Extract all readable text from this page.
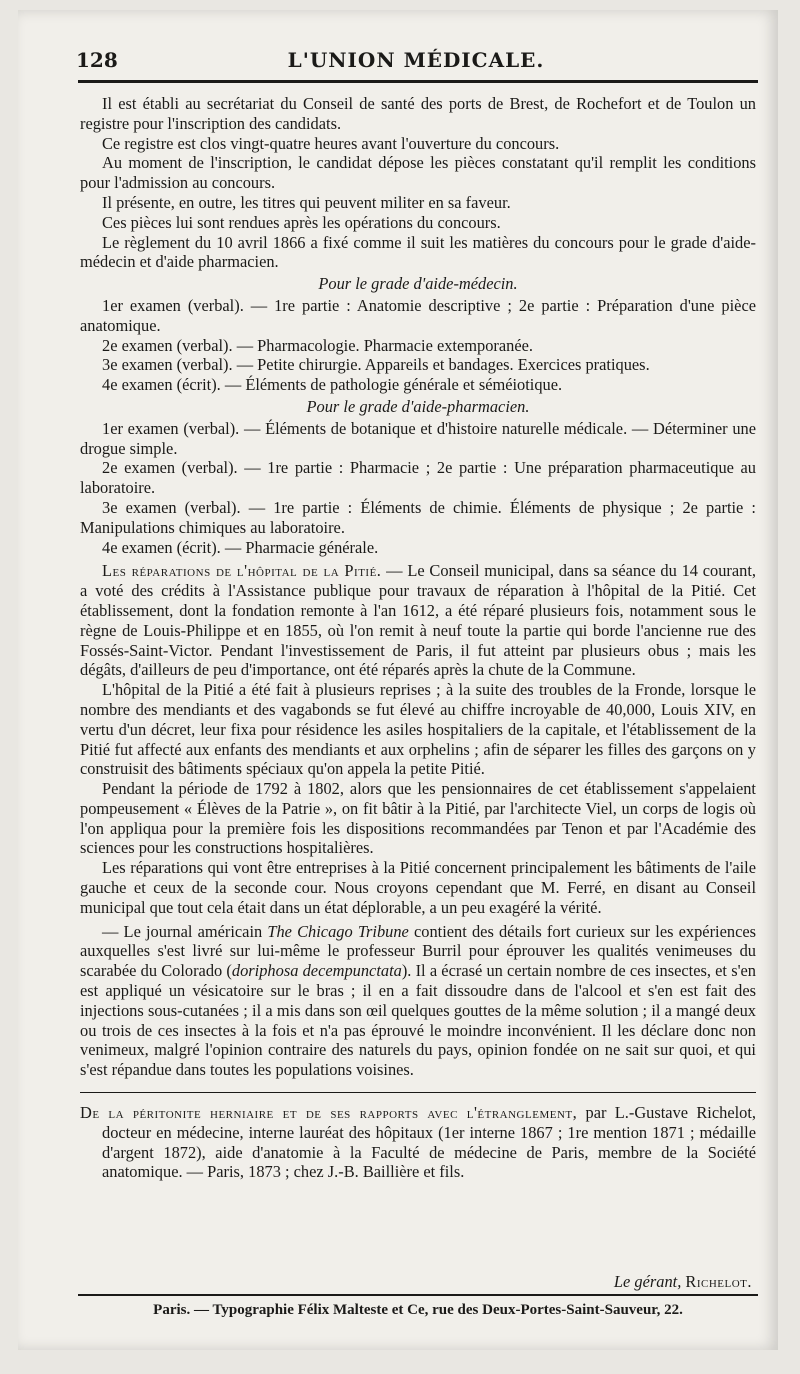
128	L'UNION MÉDICALE.

Il est établi au secrétariat du Conseil de santé des ports de Brest, de Rochefort et de Toulon un registre pour l'inscription des candidats.

Ce registre est clos vingt-quatre heures avant l'ouverture du concours.

Au moment de l'inscription, le candidat dépose les pièces constatant qu'il remplit les conditions pour l'admission au concours.

Il présente, en outre, les titres qui peuvent militer en sa faveur.

Ces pièces lui sont rendues après les opérations du concours.

Le règlement du 10 avril 1866 a fixé comme il suit les matières du concours pour le grade d'aide-médecin et d'aide pharmacien.

Pour le grade d'aide-médecin.

1er examen (verbal). — 1re partie : Anatomie descriptive ; 2e partie : Préparation d'une pièce anatomique.

2e examen (verbal). — Pharmacologie. Pharmacie extemporanée.

3e examen (verbal). — Petite chirurgie. Appareils et bandages. Exercices pratiques.

4e examen (écrit). — Éléments de pathologie générale et séméiotique.

Pour le grade d'aide-pharmacien.

1er examen (verbal). — Éléments de botanique et d'histoire naturelle médicale. — Déterminer une drogue simple.

2e examen (verbal). — 1re partie : Pharmacie ; 2e partie : Une préparation pharmaceutique au laboratoire.

3e examen (verbal). — 1re partie : Éléments de chimie. Éléments de physique ; 2e partie : Manipulations chimiques au laboratoire.

4e examen (écrit). — Pharmacie générale.

Les réparations de l'hôpital de la Pitié. — Le Conseil municipal, dans sa séance du 14 courant, a voté des crédits à l'Assistance publique pour travaux de réparation à l'hôpital de la Pitié. Cet établissement, dont la fondation remonte à l'an 1612, a été réparé plusieurs fois, notamment sous le règne de Louis-Philippe et en 1855, où l'on remit à neuf toute la partie qui borde l'ancienne rue des Fossés-Saint-Victor. Pendant l'investissement de Paris, il fut atteint par plusieurs obus ; mais les dégâts, d'ailleurs de peu d'importance, ont été réparés après la chute de la Commune.

L'hôpital de la Pitié a été fait à plusieurs reprises ; à la suite des troubles de la Fronde, lorsque le nombre des mendiants et des vagabonds se fut élevé au chiffre incroyable de 40,000, Louis XIV, en vertu d'un décret, leur fixa pour résidence les asiles hospitaliers de la capitale, et l'établissement de la Pitié fut affecté aux enfants des mendiants et aux orphelins ; afin de séparer les filles des garçons on y construisit des bâtiments spéciaux qu'on appela la petite Pitié.

Pendant la période de 1792 à 1802, alors que les pensionnaires de cet établissement s'appelaient pompeusement « Élèves de la Patrie », on fit bâtir à la Pitié, par l'architecte Viel, un corps de logis où l'on appliqua pour la première fois les dispositions recommandées par Tenon et par l'Académie des sciences pour les constructions hospitalières.

Les réparations qui vont être entreprises à la Pitié concernent principalement les bâtiments de l'aile gauche et ceux de la seconde cour. Nous croyons cependant que M. Ferré, en disant au Conseil municipal que tout cela était dans un état déplorable, a un peu exagéré la vérité.

— Le journal américain The Chicago Tribune contient des détails fort curieux sur les expériences auxquelles s'est livré sur lui-même le professeur Burril pour éprouver les qualités venimeuses du scarabée du Colorado (doriphosa decempunctata). Il a écrasé un certain nombre de ces insectes, et s'en est appliqué un vésicatoire sur le bras ; il en a fait dissoudre dans de l'alcool et s'en est fait des injections sous-cutanées ; il a mis dans son œil quelques gouttes de la même solution ; il a mangé deux ou trois de ces insectes à la fois et n'a pas éprouvé le moindre inconvénient. Il les déclare donc non venimeux, malgré l'opinion contraire des naturels du pays, opinion fondée on ne sait sur quoi, et qui s'est répandue dans toutes les populations voisines.

De la péritonite herniaire et de ses rapports avec l'étranglement, par L.-Gustave Richelot, docteur en médecine, interne lauréat des hôpitaux (1er interne 1867 ; 1re mention 1871 ; médaille d'argent 1872), aide d'anatomie à la Faculté de médecine de Paris, membre de la Société anatomique. — Paris, 1873 ; chez J.-B. Baillière et fils.

Le gérant, Richelot.
Paris. — Typographie Félix Malteste et Ce, rue des Deux-Portes-Saint-Sauveur, 22.
